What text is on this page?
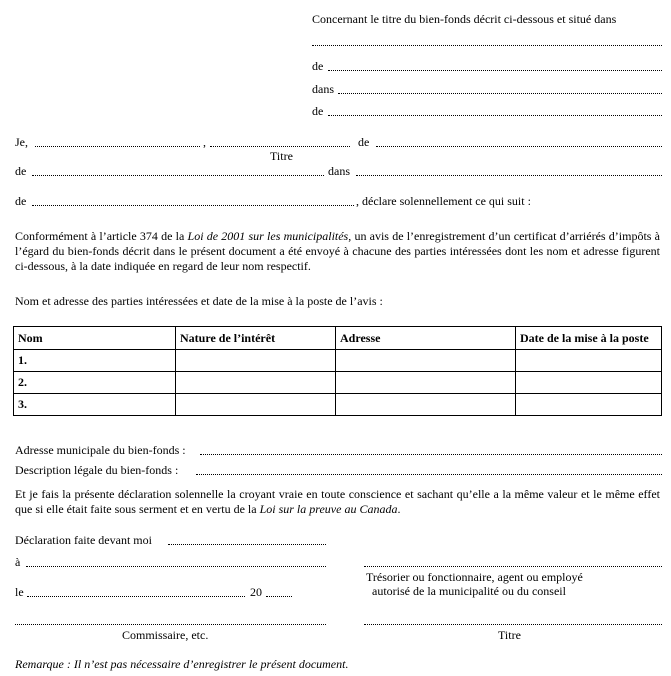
Concernant le titre du bien-fonds décrit ci-dessous et situé dans
de
dans
de
Je,	,	de
Titre
de	dans
de	, déclare solennellement ce qui suit :
Conformément à l’article 374 de la Loi de 2001 sur les municipalités, un avis de l’enregistrement d’un certificat d’arriérés d’impôts à l’égard du bien-fonds décrit dans le présent document a été envoyé à chacune des parties intéressées dont les nom et adresse figurent ci-dessous, à la date indiquée en regard de leur nom respectif.
Nom et adresse des parties intéressées et date de la mise à la poste de l’avis :
Nom	Nature de l’intérêt	Adresse	Date de la mise à la poste
1.			
2.			
3.			
Adresse municipale du bien-fonds :
Description légale du bien-fonds :
Et je fais la présente déclaration solennelle la croyant vraie en toute conscience et sachant qu’elle a la même valeur et le même effet que si elle était faite sous serment et en vertu de la Loi sur la preuve au Canada.
Déclaration faite devant moi
à
Trésorier ou fonctionnaire, agent ou employé
autorisé de la municipalité ou du conseil
le	20
Commissaire, etc.	Titre
Remarque : Il n’est pas nécessaire d’enregistrer le présent document.
